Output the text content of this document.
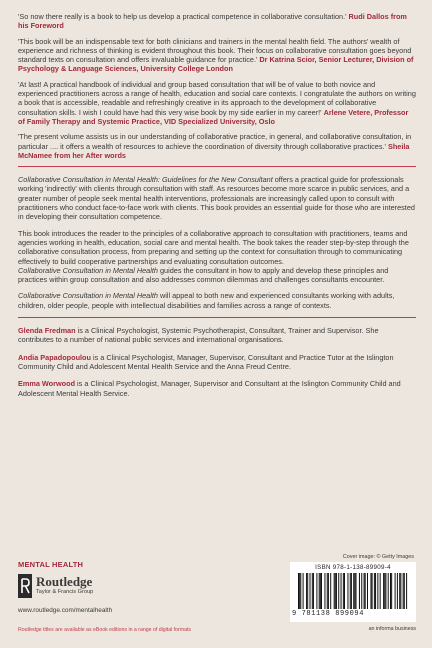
'So now there really is a book to help us develop a practical competence in collaborative consultation.' Rudi Dallos from his Foreword

'This book will be an indispensable text for both clinicians and trainers in the mental health field. The authors' wealth of experience and richness of thinking is evident throughout this book. Their focus on collaborative consultation goes beyond standard texts on consultation and offers invaluable guidance for practice.' Dr Katrina Scior, Senior Lecturer, Division of Psychology & Language Sciences, University College London

'At last! A practical handbook of individual and group based consultation that will be of value to both novice and experienced practitioners across a range of health, education and social care contexts. I congratulate the authors on writing a book that is accessible, readable and refreshingly creative in its approach to the development of collaborative consultation skills. I wish I could have had this very wise book by my side earlier in my career!' Arlene Vetere, Professor of Family Therapy and Systemic Practice, VID Specialized University, Oslo

'The present volume assists us in our understanding of collaborative practice, in general, and collaborative consultation, in particular .... it offers a wealth of resources to achieve the coordination of diversity through collaborative practices.' Sheila McNamee from her After words

Collaborative Consultation in Mental Health: Guidelines for the New Consultant offers a practical guide for professionals working 'indirectly' with clients through consultation with staff. As resources become more scarce in public services, and a greater number of people seek mental health interventions, professionals are increasingly called upon to consult with practitioners who conduct face-to-face work with clients. This book provides an essential guide for those who are interested in developing their consultation competence.

This book introduces the reader to the principles of a collaborative approach to consultation with practitioners, teams and agencies working in health, education, social care and mental health. The book takes the reader step-by-step through the collaborative consultation process, from preparing and setting up the context for consultation through to communicating effectively to build cooperative partnerships and evaluating consultation outcomes.
Collaborative Consultation in Mental Health guides the consultant in how to apply and develop these principles and practices within group consultation and also addresses common dilemmas and challenges consultants encounter.

Collaborative Consultation in Mental Health will appeal to both new and experienced consultants working with adults, children, older people, people with intellectual disabilities and families across a range of contexts.

Glenda Fredman is a Clinical Psychologist, Systemic Psychotherapist, Consultant, Trainer and Supervisor. She contributes to a number of national public services and international organisations.

Andia Papadopoulou is a Clinical Psychologist, Manager, Supervisor, Consultant and Practice Tutor at the Islington Community Child and Adolescent Mental Health Service and the Anna Freud Centre.

Emma Worwood is a Clinical Psychologist, Manager, Supervisor and Consultant at the Islington Community Child and Adolescent Mental Health Service.

MENTAL HEALTH
Routledge
Taylor & Francis Group
www.routledge.com/mentalhealth
Routledge titles are available as eBook editions in a range of digital formats
Cover image: © Getty Images
ISBN 978-1-138-89909-4
9 781138 899094
an informa business
